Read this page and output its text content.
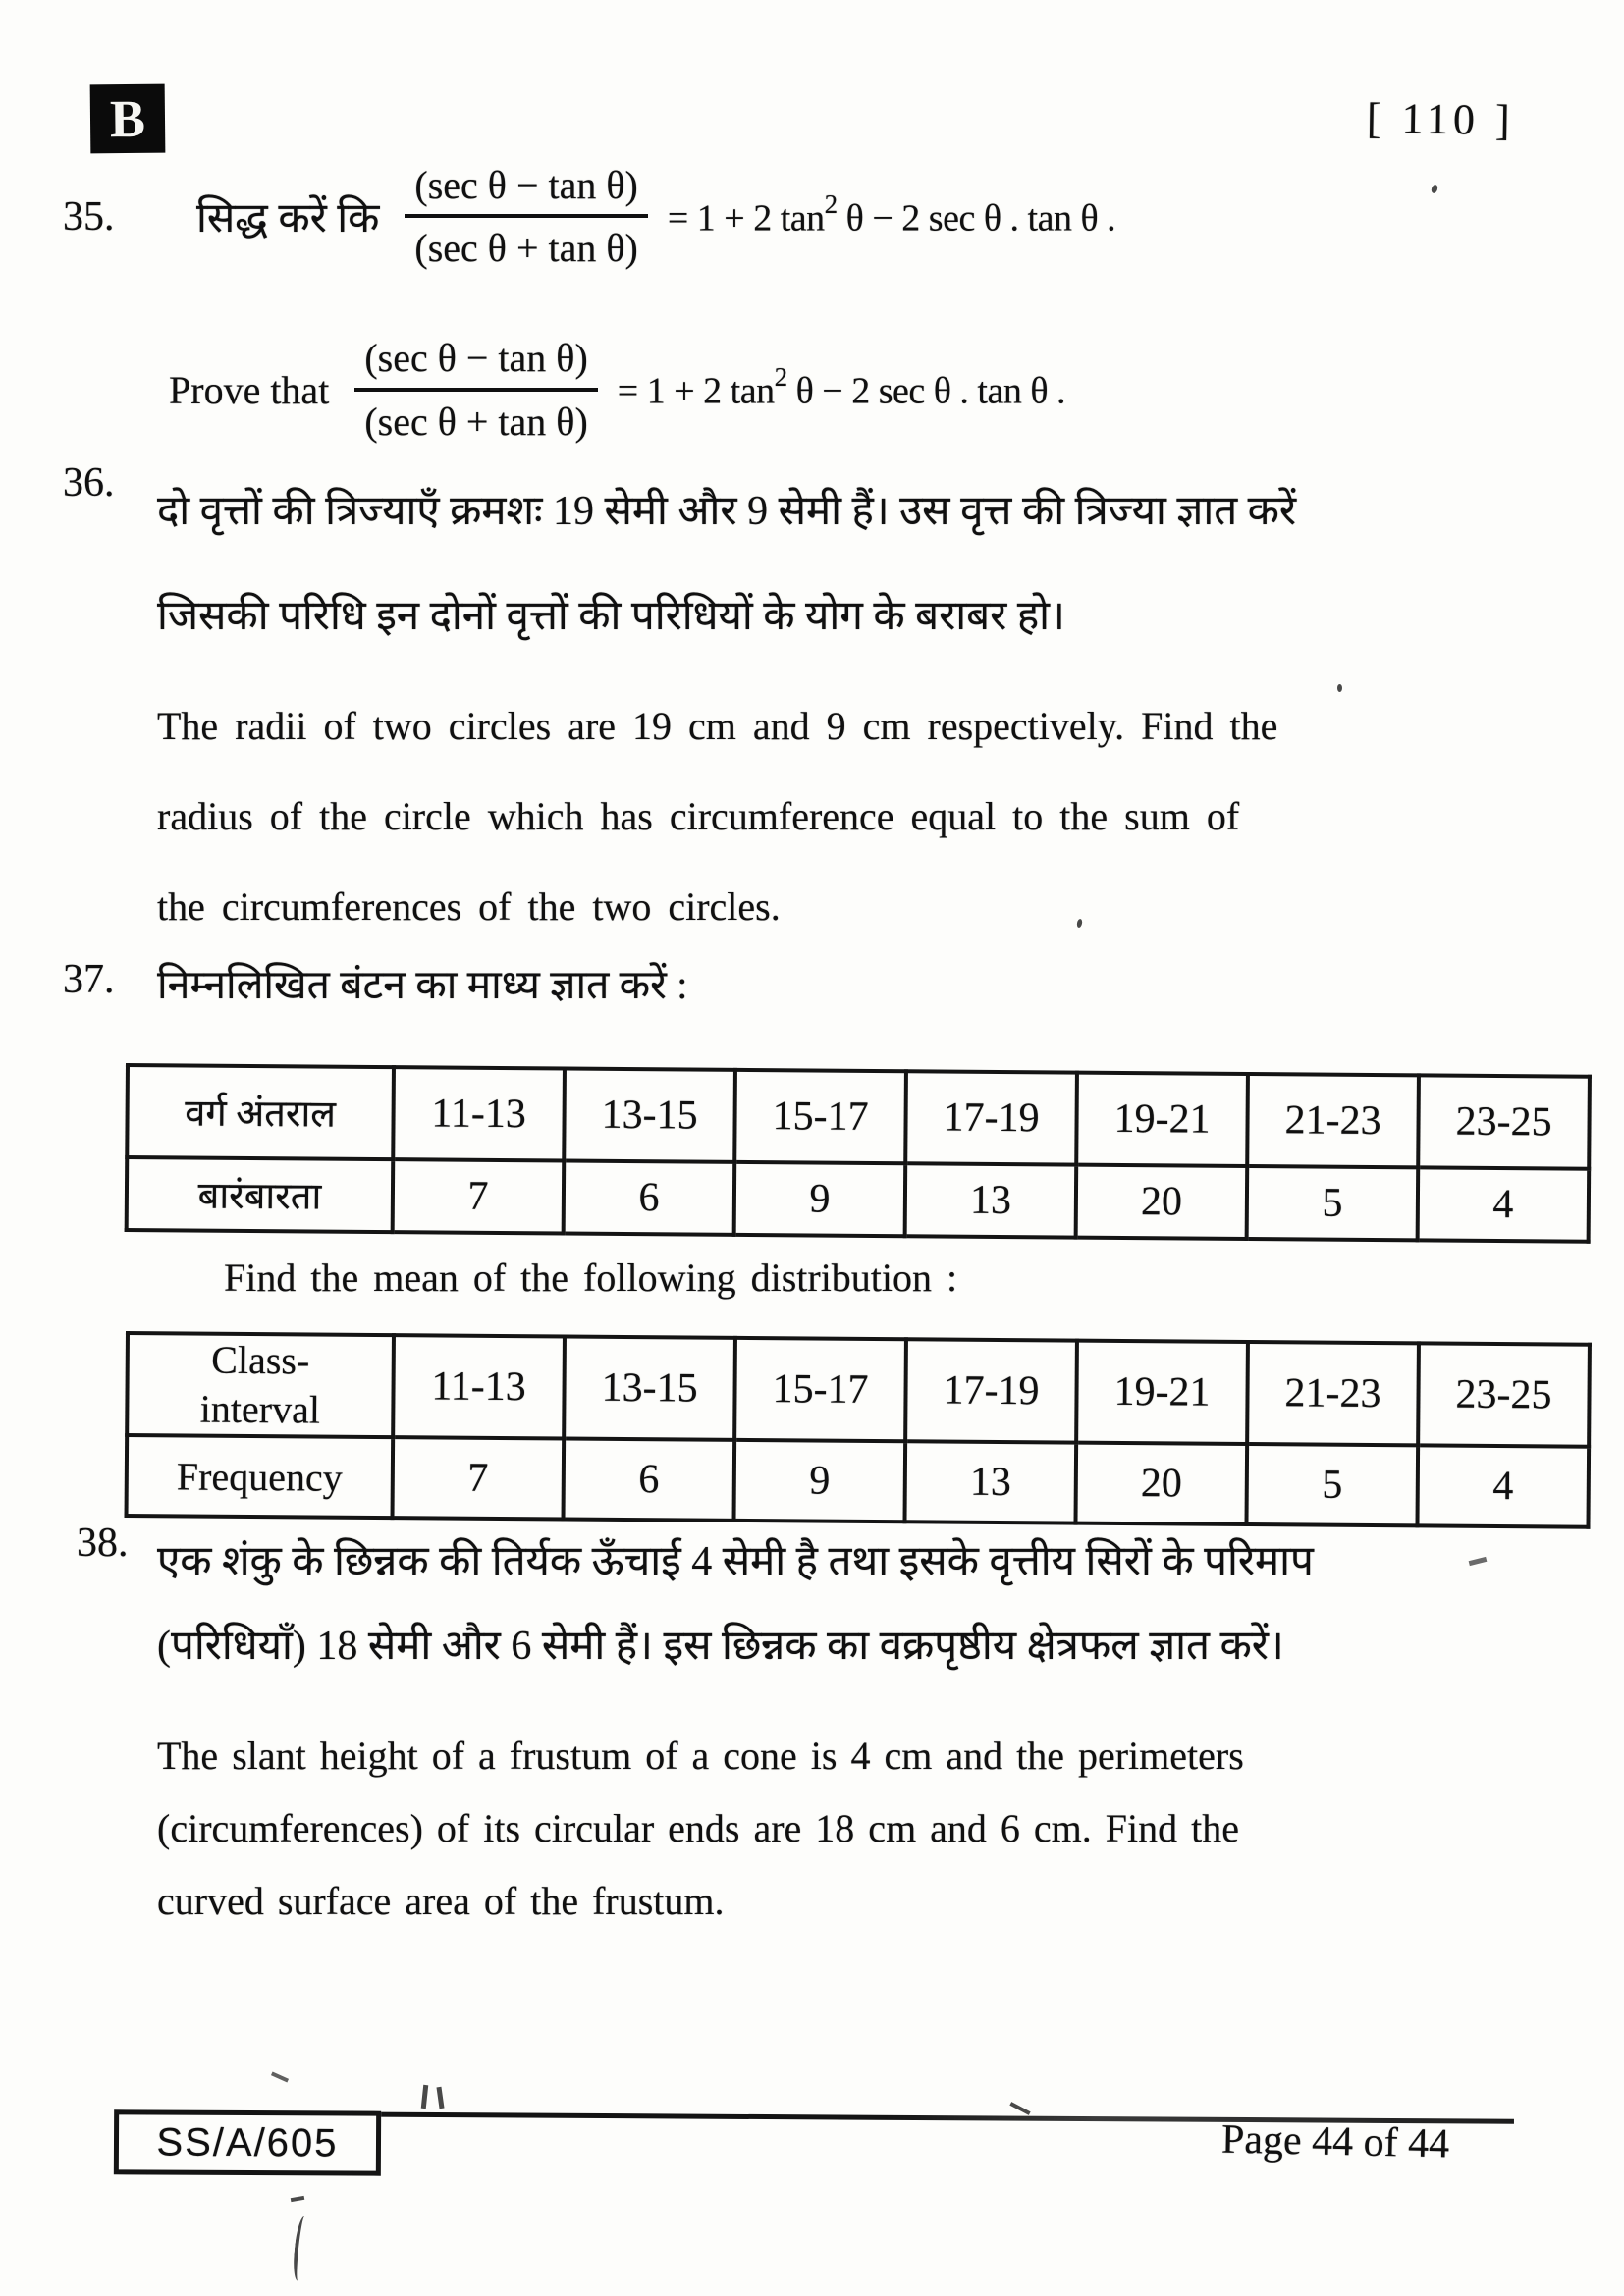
B	[ 110 ]
35.	सिद्ध करें कि $\frac{\text{(sec θ − tan θ)}}{\text{(sec θ + tan θ)}} = 1 + 2$ $\tan^2 \theta - 2$ sec θ . tan θ .
Prove that $\frac{\text{(sec θ − tan θ)}}{\text{(sec θ + tan θ)}} = 1 + 2$ $\tan^2 \theta - 2$ sec θ . tan θ .
36.
दो वृत्तों की त्रिज्याएँ क्रमशः 19 सेमी और 9 सेमी हैं। उस वृत्त की त्रिज्या ज्ञात करें
जिसकी परिधि इन दोनों वृत्तों की परिधियों के योग के बराबर हो।
The radii of two circles are 19 cm and 9 cm respectively. Find the
radius of the circle which has circumference equal to the sum of
the circumferences of the two circles.
37.	निम्नलिखित बंटन का माध्य ज्ञात करें :
वर्ग अंतराल	11-13	13-15	15-17	17-19	19-21	21-23	23-25
बारंबारता	7	6	9	13	20	5	4
Find the mean of the following distribution :
Class-interval	11-13	13-15	15-17	17-19	19-21	21-23	23-25
Frequency	7	6	9	13	20	5	4
38. एक शंकु के छिन्नक की तिर्यक ऊँचाई 4 सेमी है तथा इसके वृत्तीय सिरों के परिमाप
(परिधियाँ) 18 सेमी और 6 सेमी हैं। इस छिन्नक का वक्रपृष्ठीय क्षेत्रफल ज्ञात करें।
The slant height of a frustum of a cone is 4 cm and the perimeters
(circumferences) of its circular ends are 18 cm and 6 cm. Find the
curved surface area of the frustum.
SS/A/605	Page 44 of 44
